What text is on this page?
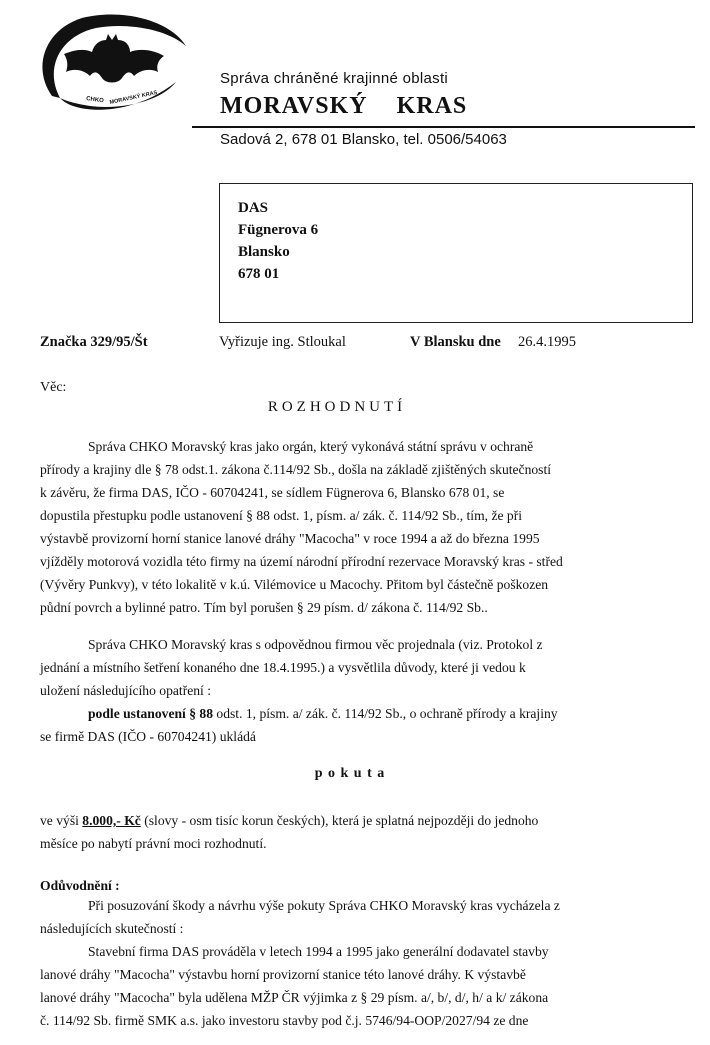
CHKO MORAVSKÝ KRAS
Správa chráněné krajinné oblasti
MORAVSKÝ KRAS
Sadová 2, 678 01 Blansko, tel. 0506/54063
DAS
Fügnerova 6
Blansko
678 01
Značka 329/95/Št	Vyřizuje ing. Stloukal	V Blansku dne 26.4.1995
Věc:
ROZHODNUTÍ
Správa CHKO Moravský kras jako orgán, který vykonává státní správu v ochraně
přírody a krajiny dle § 78 odst.1. zákona č.114/92 Sb., došla na základě zjištěných skutečností
k závěru, že firma DAS, IČO - 60704241, se sídlem Fügnerova 6, Blansko 678 01, se
dopustila přestupku podle ustanovení § 88 odst. 1, písm. a/ zák. č. 114/92 Sb., tím, že při
výstavbě provizorní horní stanice lanové dráhy "Macocha" v roce 1994 a až do března 1995
vjížděly motorová vozidla této firmy na území národní přírodní rezervace Moravský kras - střed
(Vývěry Punkvy), v této lokalitě v k.ú. Vilémovice u Macochy. Přitom byl částečně poškozen
půdní povrch a bylinné patro. Tím byl porušen § 29 písm. d/ zákona č. 114/92 Sb..
Správa CHKO Moravský kras s odpovědnou firmou věc projednala (viz. Protokol z
jednání a místního šetření konaného dne 18.4.1995.) a vysvětlila důvody, které ji vedou k
uložení následujícího opatření :
podle ustanovení § 88 odst. 1, písm. a/ zák. č. 114/92 Sb., o ochraně přírody a krajiny
se firmě DAS (IČO - 60704241) ukládá
p o k u t a
ve výši 8.000,- Kč (slovy - osm tisíc korun českých), která je splatná nejpozději do jednoho
měsíce po nabytí právní moci rozhodnutí.
Odůvodnění :
Při posuzování škody a návrhu výše pokuty Správa CHKO Moravský kras vycházela z
následujících skutečností :
Stavební firma DAS prováděla v letech 1994 a 1995 jako generální dodavatel stavby
lanové dráhy "Macocha" výstavbu horní provizorní stanice této lanové dráhy. K výstavbě
lanové dráhy "Macocha" byla udělena MŽP ČR výjimka z § 29 písm. a/, b/, d/, h/ a k/ zákona
č. 114/92 Sb. firmě SMK a.s. jako investoru stavby pod č.j. 5746/94-OOP/2027/94 ze dne
